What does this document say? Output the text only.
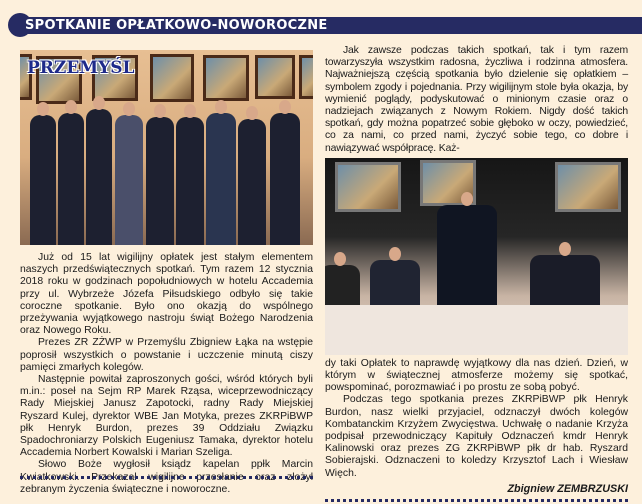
SPOTKANIE OPŁATKOWO-NOWOROCZNE
PRZEMYŚL

Już od 15 lat wigilijny opłatek jest stałym elementem naszych przedświątecznych spotkań. Tym razem 12 stycznia 2018 roku w godzinach popołudniowych w hotelu Accademia przy ul. Wybrzeże Józefa Piłsudskiego odbyło się takie coroczne spotkanie. Było ono okazją do wspólnego przeżywania wyjątkowego nastroju świąt Bożego Narodzenia oraz Nowego Roku.

Prezes ZR ZŻWP w Przemyślu Zbigniew Łąka na wstępie poprosił wszystkich o powstanie i uczczenie minutą ciszy pamięci zmarłych kolegów.

Następnie powitał zaproszonych gości, wśród których byli m.in.: poseł na Sejm RP Marek Rząsa, wiceprzewodniczący Rady Miejskiej Janusz Zapotocki, radny Rady Miejskiej Ryszard Kulej, dyrektor WBE Jan Motyka, prezes ZKRPiBWP płk Henryk Burdon, prezes 39 Oddziału Związku Spadochroniarzy Polskich Eugeniusz Tamaka, dyrektor hotelu Accademia Norbert Kowalski i Marian Szeliga.

Słowo Boże wygłosił ksiądz kapelan ppłk Marcin Kwiatkowski. Przekazał wigilijne przesłanie oraz złożył zebranym życzenia świąteczne i noworoczne.

Jak zawsze podczas takich spotkań, tak i tym razem towarzyszyła wszystkim radosna, życzliwa i rodzinna atmosfera. Najważniejszą częścią spotkania było dzielenie się opłatkiem – symbolem zgody i pojednania. Przy wigilijnym stole była okazja, by wymienić poglądy, podyskutować o minionym czasie oraz o nadziejach związanych z Nowym Rokiem. Nigdy dość takich spotkań, gdy można popatrzeć sobie głęboko w oczy, powiedzieć, co za nami, co przed nami, życzyć sobie tego, co dobre i nawiązywać współpracę. Każ-

dy taki Opłatek to naprawdę wyjątkowy dla nas dzień. Dzień, w którym w świątecznej atmosferze możemy się spotkać, powspominać, porozmawiać i po prostu ze sobą pobyć.

Podczas tego spotkania prezes ZKRPiBWP płk Henryk Burdon, nasz wielki przyjaciel, odznaczył dwóch kolegów Kombatanckim Krzyżem Zwycięstwa. Uchwałę o nadanie Krzyża podpisał przewodniczący Kapituły Odznaczeń kmdr Henryk Kalinowski oraz prezes ZG ZKRPiBWP płk dr hab. Ryszard Sobierajski. Odznaczeni to koledzy Krzysztof Lach i Wiesław Więch.

Zbigniew ZEMBRZUSKI
